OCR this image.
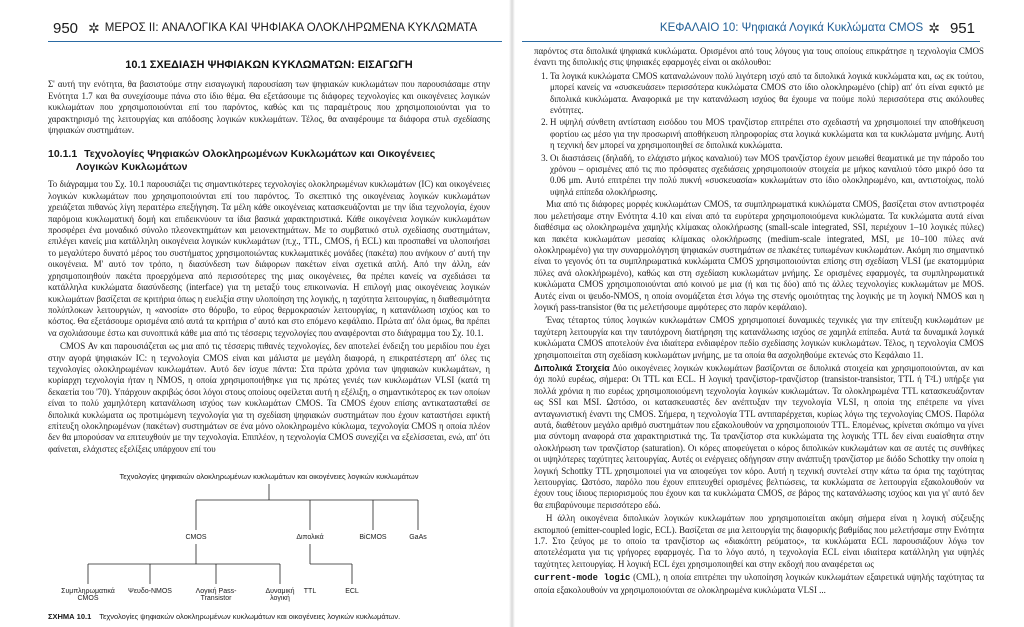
950 ✲ ΜΕΡΟΣ II: ΑΝΑΛΟΓΙΚΑ ΚΑΙ ΨΗΦΙΑΚΑ ΟΛΟΚΛΗΡΩΜΕΝΑ ΚΥΚΛΩΜΑΤΑ
10.1 ΣΧΕΔΙΑΣΗ ΨΗΦΙΑΚΩΝ ΚΥΚΛΩΜΑΤΩΝ: ΕΙΣΑΓΩΓΗ

Σ' αυτή την ενότητα, θα βασιστούμε στην εισαγωγική παρουσίαση των ψηφιακών κυκλωμάτων που παρουσιάσαμε στην Ενότητα 1.7 και θα συνεχίσουμε πάνω στο ίδιο θέμα. Θα εξετάσουμε τις διάφορες τεχνολογίες και οικογένειες λογικών κυκλωμάτων που χρησιμοποιούνται επί του παρόντος, καθώς και τις παραμέτρους που χρησιμοποιούνται για το χαρακτηρισμό της λειτουργίας και απόδοσης λογικών κυκλωμάτων. Τέλος, θα αναφέρουμε τα διάφορα στυλ σχεδίασης ψηφιακών συστημάτων.

10.1.1 Τεχνολογίες Ψηφιακών Ολοκληρωμένων Κυκλωμάτων και Οικογένειες
Λογικών Κυκλωμάτων

Το διάγραμμα του Σχ. 10.1 παρουσιάζει τις σημαντικότερες τεχνολογίες ολοκληρωμένων κυκλωμάτων (IC) και οικογένειες λογικών κυκλωμάτων που χρησιμοποιούνται επί του παρόντος. Το σκεπτικό της οικογένειας λογικών κυκλωμάτων χρειάζεται πιθανώς λίγη περαιτέρω επεξήγηση. Τα μέλη κάθε οικογένειας κατασκευάζονται με την ίδια τεχνολογία, έχουν παρόμοια κυκλωματική δομή και επιδεικνύουν τα ίδια βασικά χαρακτηριστικά. Κάθε οικογένεια λογικών κυκλωμάτων προσφέρει ένα μοναδικό σύνολο πλεονεκτημάτων και μειονεκτημάτων. Με το συμβατικό στυλ σχεδίασης συστημάτων, επιλέγει κανείς μια κατάλληλη οικογένεια λογικών κυκλωμάτων (π.χ., TTL, CMOS, ή ECL) και προσπαθεί να υλοποιήσει το μεγαλύτερο δυνατό μέρος του συστήματος χρησιμοποιώντας κυκλωματικές μονάδες (πακέτα) που ανήκουν σ' αυτή την οικογένεια. Μ' αυτό τον τρόπο, η διασύνδεση των διάφορων πακέτων είναι σχετικά απλή. Από την άλλη, εάν χρησιμοποιηθούν πακέτα προερχόμενα από περισσότερες της μιας οικογένειες, θα πρέπει κανείς να σχεδιάσει τα κατάλληλα κυκλώματα διασύνδεσης (interface) για τη μεταξύ τους επικοινωνία. Η επιλογή μιας οικογένειας λογικών κυκλωμάτων βασίζεται σε κριτήρια όπως η ευελιξία στην υλοποίηση της λογικής, η ταχύτητα λειτουργίας, η διαθεσιμότητα πολύπλοκων λειτουργιών, η «ανοσία» στο θόρυβο, το εύρος θερμοκρασιών λειτουργίας, η κατανάλωση ισχύος και το κόστος. Θα εξετάσουμε ορισμένα από αυτά τα κριτήρια σ' αυτό και στο επόμενο κεφάλαιο. Πρώτα απ' όλα όμως, θα πρέπει να σχολιάσουμε έστω και συνοπτικά κάθε μια από τις τέσσερις τεχνολογίες που αναφέρονται στο διάγραμμα του Σχ. 10.1.

CMOS Αν και παρουσιάζεται ως μια από τις τέσσερις πιθανές τεχνολογίες, δεν αποτελεί ένδειξη του μεριδίου που έχει στην αγορά ψηφιακών IC: η τεχνολογία CMOS είναι και μάλιστα με μεγάλη διαφορά, η επικρατέστερη απ' όλες τις τεχνολογίες ολοκληρωμένων κυκλωμάτων. Αυτό δεν ίσχυε πάντα: Στα πρώτα χρόνια των ψηφιακών κυκλωμάτων, η κυρίαρχη τεχνολογία ήταν η NMOS, η οποία χρησιμοποιήθηκε για τις πρώτες γενιές των κυκλωμάτων VLSI (κατά τη δεκαετία του '70). Υπάρχουν ακριβώς όσοι λόγοι στους οποίους οφείλεται αυτή η εξέλιξη, ο σημαντικότερος εκ των οποίων είναι το πολύ χαμηλότερη κατανάλωση ισχύος των κυκλωμάτων CMOS. Τα CMOS έχουν επίσης αντικατασταθεί σε διπολικά κυκλώματα ως προτιμώμενη τεχνολογία για τη σχεδίαση ψηφιακών συστημάτων που έχουν καταστήσει εφικτή επίτευξη ολοκληρωμένων (πακέτων) συστημάτων σε ένα μόνο ολοκληρωμένο κύκλωμα, τεχνολογία CMOS η οποία πλέον δεν θα μπορούσαν να επιτευχθούν με την τεχνολογία. Επιπλέον, η τεχνολογία CMOS συνεχίζει να εξελίσσεται, ενώ, απ' ότι φαίνεται, ελάχιστες εξελίξεις υπάρχουν επί του

Τεχνολογίες ψηφιακών ολοκληρωμένων κυκλωμάτων και οικογένειες λογικών κυκλωμάτων
CMOS	Διπολικά	BiCMOS	GaAs
Συμπληρωματικά
CMOS
Ψευδο-NMOS	Λογική Pass-
Transistor
Δυναμική
λογική
TTL	ECL
ΣΧΗΜΑ 10.1 Τεχνολογίες ψηφιακών ολοκληρωμένων κυκλωμάτων και οικογένειες λογικών κυκλωμάτων.
ΚΕΦΑΛΑΙΟ 10: Ψηφιακά Λογικά Κυκλώματα CMOS ✲ 951

παρόντος στα διπολικά ψηφιακά κυκλώματα. Ορισμένοι από τους λόγους για τους οποίους επικράτησε η τεχνολογία CMOS έναντι της διπολικής στις ψηφιακές εφαρμογές είναι οι ακόλουθοι:

1. Τα λογικά κυκλώματα CMOS καταναλώνουν πολύ λιγότερη ισχύ από τα διπολικά λογικά κυκλώματα και, ως εκ τούτου, μπορεί κανείς να «συσκευάσει» περισσότερα κυκλώματα CMOS στο ίδιο ολοκληρωμένο (chip) απ' ότι είναι εφικτό με διπολικά κυκλώματα. Αναφορικά με την κατανάλωση ισχύος θα έχουμε να πούμε πολύ περισσότερα στις ακόλουθες ενότητες.
2. Η υψηλή σύνθετη αντίσταση εισόδου του MOS τρανζίστορ επιτρέπει στο σχεδιαστή να χρησιμοποιεί την αποθήκευση φορτίου ως μέσο για την προσωρινή αποθήκευση πληροφορίας στα λογικά κυκλώματα και τα κυκλώματα μνήμης. Αυτή η τεχνική δεν μπορεί να χρησιμοποιηθεί σε διπολικά κυκλώματα.
3. Οι διαστάσεις (δηλαδή, το ελάχιστο μήκος καναλιού) των MOS τρανζίστορ έχουν μειωθεί θεαματικά με την πάροδο του χρόνου – ορισμένες από τις πιο πρόσφατες σχεδιάσεις χρησιμοποιούν στοιχεία με μήκος καναλιού τόσο μικρό όσο τα 0.06 μm. Αυτό επιτρέπει την πολύ πυκνή «συσκευασία» κυκλωμάτων στο ίδιο ολοκληρωμένο, και, αντιστοίχως, πολύ υψηλά επίπεδα ολοκλήρωσης.

Μια από τις διάφορες μορφές κυκλωμάτων CMOS, τα συμπληρωματικά κυκλώματα CMOS, βασίζεται στον αντιστροφέα που μελετήσαμε στην Ενότητα 4.10 και είναι από τα ευρύτερα χρησιμοποιούμενα κυκλώματα. Τα κυκλώματα αυτά είναι διαθέσιμα ως ολοκληρωμένα χαμηλής κλίμακας ολοκλήρωσης (small-scale integrated, SSI, περιέχουν 1–10 λογικές πύλες) και πακέτα κυκλωμάτων μεσαίας κλίμακας ολοκλήρωσης (medium-scale integrated, MSI, με 10–100 πύλες ανά ολοκληρωμένο) για την συναρμολόγηση ψηφιακών συστημάτων σε πλακέτες τυπωμένων κυκλωμάτων. Ακόμη πιο σημαντικό είναι το γεγονός ότι τα συμπληρωματικά κυκλώματα CMOS χρησιμοποιούνται επίσης στη σχεδίαση VLSI (με εκατομμύρια πύλες ανά ολοκλήρωμένο), καθώς και στη σχεδίαση κυκλωμάτων μνήμης. Σε ορισμένες εφαρμογές, τα συμπληρωματικά κυκλώματα CMOS χρησιμοποιούνται από κοινού με μια (ή και τις δύο) από τις άλλες τεχνολογίες κυκλωμάτων με MOS. Αυτές είναι οι ψευδο-NMOS, η οποία ονομάζεται έτσι λόγω της στενής ομοιότητας της λογικής με τη λογική NMOS και η λογική pass-transistor (θα τις μελετήσουμε αμφότερες στο παρόν κεφάλαιο).

Ένας τέταρτος τύπος λογικών κυκλωμάτων CMOS χρησιμοποιεί δυναμικές τεχνικές για την επίτευξη κυκλωμάτων με ταχύτερη λειτουργία και την ταυτόχρονη διατήρηση της κατανάλωσης ισχύος σε χαμηλά επίπεδα. Αυτά τα δυναμικά λογικά κυκλώματα CMOS αποτελούν ένα ιδιαίτερα ενδιαφέρον πεδίο σχεδίασης λογικών κυκλωμάτων. Τέλος, η τεχνολογία CMOS χρησιμοποιείται στη σχεδίαση κυκλωμάτων μνήμης, με τα οποία θα ασχοληθούμε εκτενώς στο Κεφάλαιο 11.

Διπολικά Στοιχεία Δύο οικογένειες λογικών κυκλωμάτων βασίζονται σε διπολικά στοιχεία και χρησιμοποιούνται, αν και όχι πολύ ευρέως, σήμερα: Οι TTL και ECL. Η λογική τρανζίστορ-τρανζίστορ (transistor-transistor, TTL ή T²L) υπήρξε για πολλά χρόνια η πιο ευρέως χρησιμοποιούμενη τεχνολογία λογικών κυκλωμάτων. Τα ολοκληρωμένα TTL κατασκευάζονταν ως SSI και MSI. Ωστόσο, οι κατασκευαστές δεν ανέπτυξαν την τεχνολογία VLSI, η οποία της επέτρεπε να γίνει ανταγωνιστική έναντι της CMOS. Σήμερα, η τεχνολογία TTL αντιπαρέρχεται, κυρίως λόγω της τεχνολογίας CMOS. Παρόλα αυτά, διαθέτουν μεγάλο αριθμό συστημάτων που εξακολουθούν να χρησιμοποιούν TTL. Επομένως, κρίνεται σκόπιμο να γίνει μια σύντομη αναφορά στα χαρακτηριστικά της. Τα τρανζίστορ στα κυκλώματα της λογικής TTL δεν είναι ευαίσθητα στην ολοκλήρωση των τρανζίστορ (saturation). Οι κόρες αποφεύγεται ο κόρος διπολικών κυκλωμάτων και σε αυτές τις συνθήκες οι υψηλότερες ταχύτητες λειτουργίας. Αυτές οι ενέργειες οδήγησαν στην ανάπτυξη τρανζίστορ με διόδο Schottky την οποία η λογική Schottky TTL χρησιμοποιεί για να αποφεύγει τον κόρο. Αυτή η τεχνική συντελεί στην κάτω τα όρια της ταχύτητας λειτουργίας. Ωστόσο, παρόλο που έχουν επιτευχθεί ορισμένες βελτιώσεις, τα κυκλώματα σε λειτουργία εξακολουθούν να έχουν τους ίδιους περιορισμούς που έχουν και τα κυκλώματα CMOS, σε βάρος της κατανάλωσης ισχύος και για γι' αυτό δεν θα επιβαρύνουμε περισσότερο εδώ.

Η άλλη οικογένεια διπολικών λογικών κυκλωμάτων που χρησιμοποιείται ακόμη σήμερα είναι η λογική σύζευξης εκπομπού (emitter-coupled logic, ECL). Βασίζεται σε μια λειτουργία της διαφορικής βαθμίδας που μελετήσαμε στην Ενότητα 1.7. Στο ζεύγος με το οποίο τα τρανζίστορ ως «διακόπτη ρεύματος», τα κυκλώματα ECL παρουσιάζουν λόγω τον αποτελέσματα για τις γρήγορες εφαρμογές. Για το λόγο αυτό, η τεχνολογία ECL είναι ιδιαίτερα κατάλληλη για υψηλές ταχύτητες λειτουργίας. Η λογική ECL έχει χρησιμοποιηθεί και στην εκδοχή που αναφέρεται ως

current-mode logic (CML), η οποία επιτρέπει την υλοποίηση λογικών κυκλωμάτων εξαιρετικά υψηλής ταχύτητας τα οποία εξακολουθούν να χρησιμοποιούνται σε ολοκληρωμένα κυκλώματα VLSI ...
